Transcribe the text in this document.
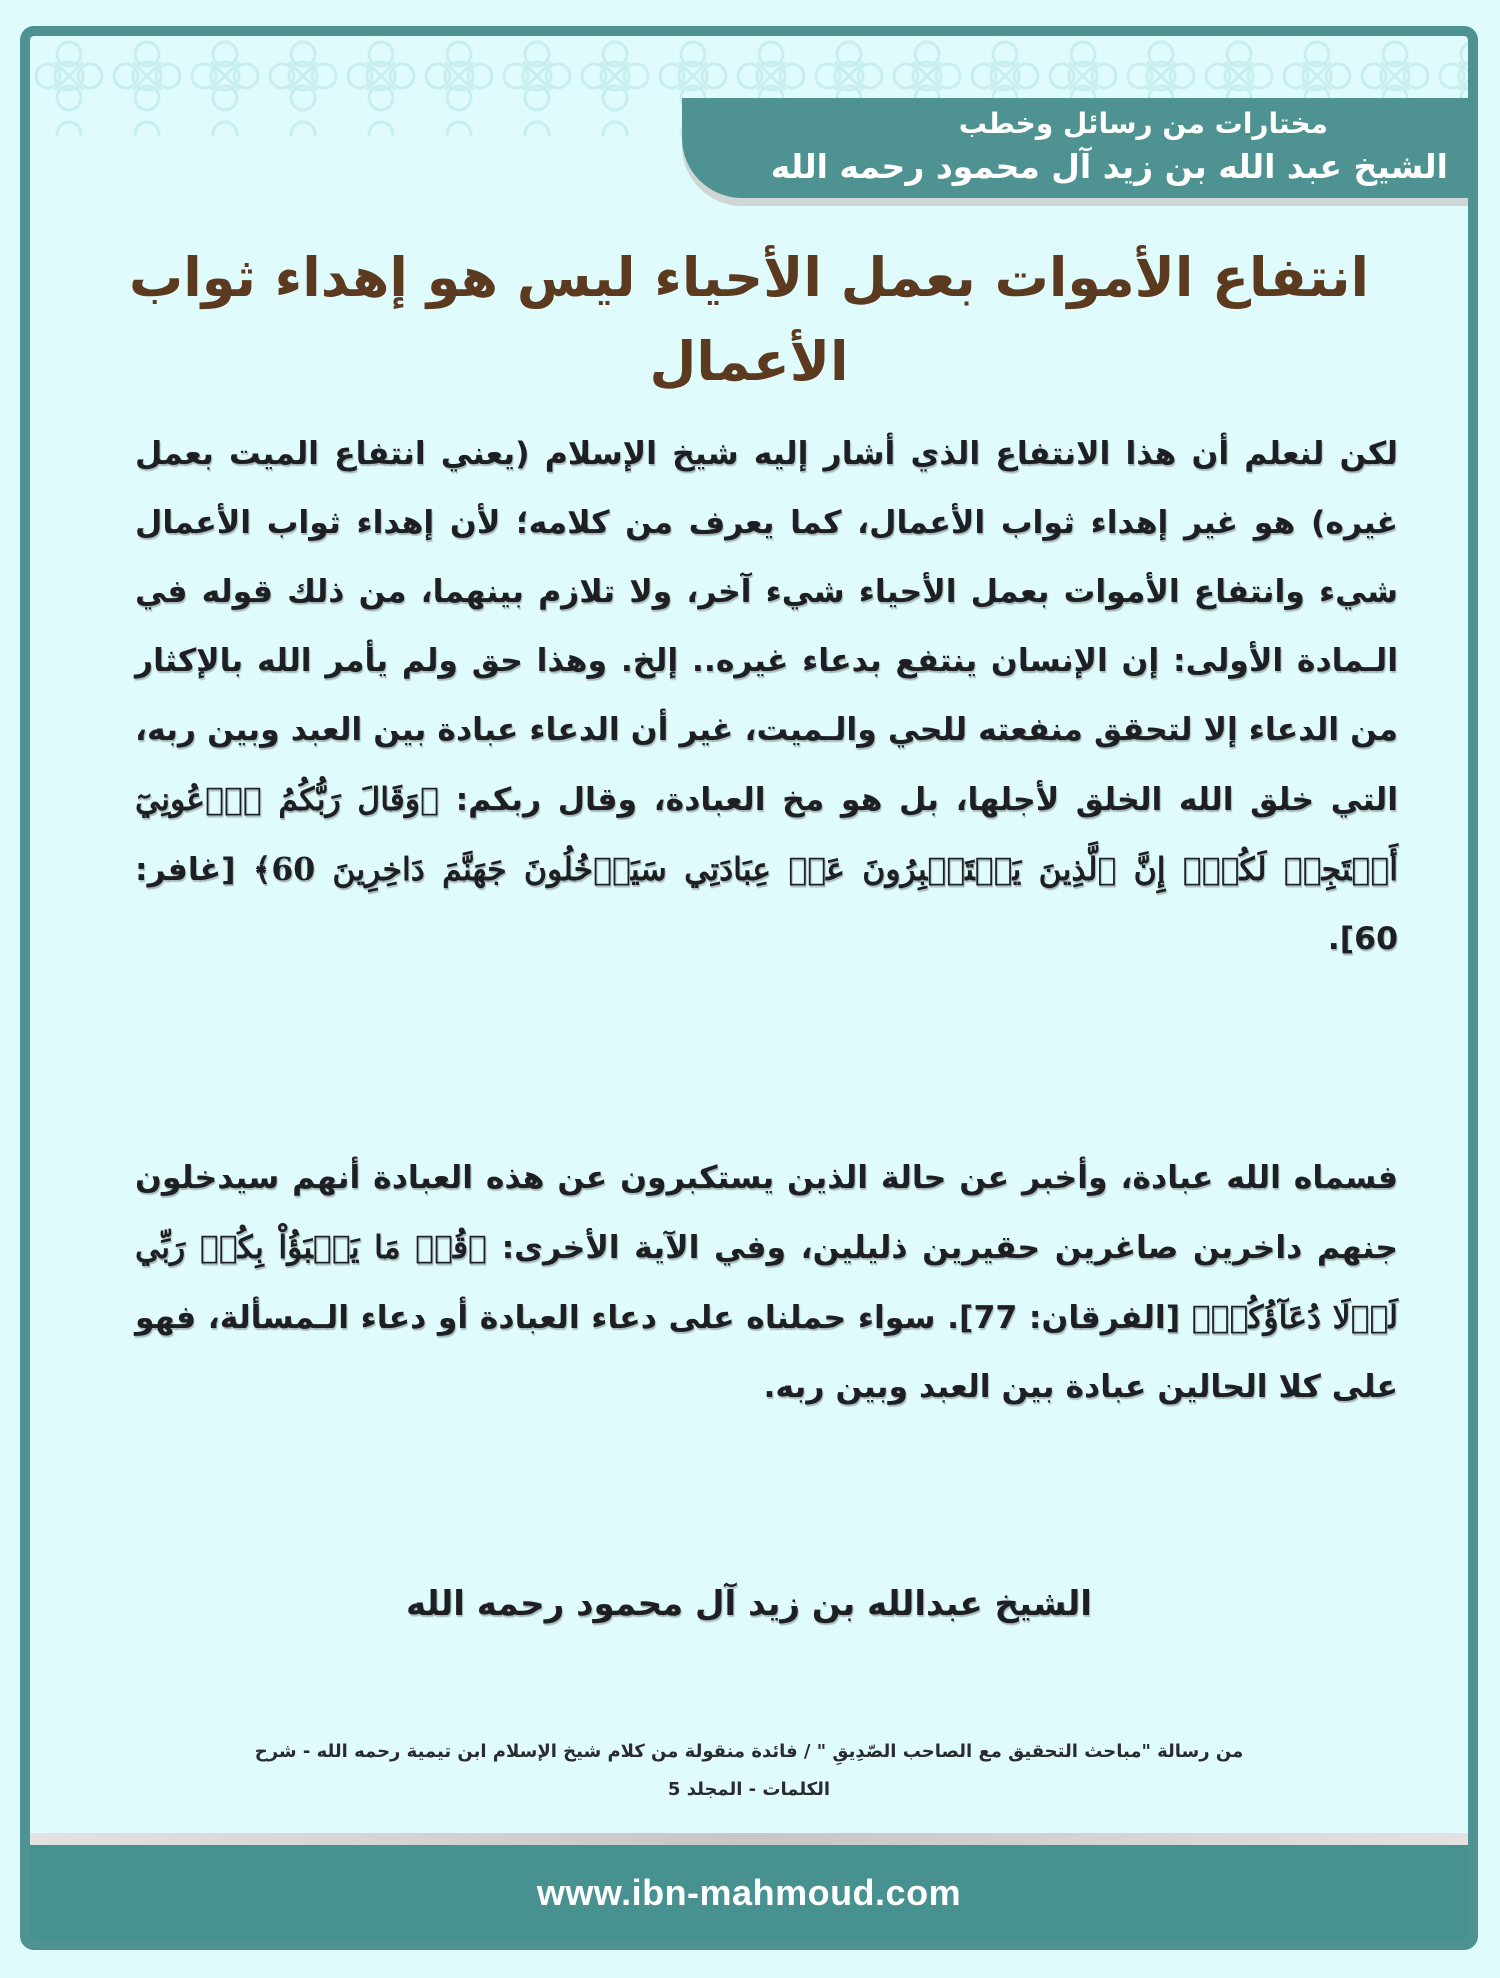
مختارات من رسائل وخطب
الشيخ عبد الله بن زيد آل محمود رحمه الله
انتفاع الأموات بعمل الأحياء ليس هو إهداء ثواب الأعمال
لكن لنعلم أن هذا الانتفاع الذي أشار إليه شيخ الإسلام (يعني انتفاع الميت بعمل غيره) هو غير إهداء ثواب الأعمال، كما يعرف من كلامه؛ لأن إهداء ثواب الأعمال شيء وانتفاع الأموات بعمل الأحياء شيء آخر، ولا تلازم بينهما، من ذلك قوله في الـمادة الأولى: إن الإنسان ينتفع بدعاء غيره.. إلخ. وهذا حق ولم يأمر الله بالإكثار من الدعاء إلا لتحقق منفعته للحي والـميت، غير أن الدعاء عبادة بين العبد وبين ربه، التي خلق الله الخلق لأجلها، بل هو مخ العبادة، وقال ربكم: ﴿وَقَالَ رَبُّكُمُ ٱدۡعُونِيٓ أَسۡتَجِبۡ لَكُمۡۚ إِنَّ ٱلَّذِينَ يَسۡتَكۡبِرُونَ عَنۡ عِبَادَتِي سَيَدۡخُلُونَ جَهَنَّمَ دَاخِرِينَ 60﴾ [غافر: 60].
فسماه الله عبادة، وأخبر عن حالة الذين يستكبرون عن هذه العبادة أنهم سيدخلون جنهم داخرين صاغرين حقيرين ذليلين، وفي الآية الأخرى: ﴿قُلۡ مَا يَعۡبَؤُاْ بِكُمۡ رَبِّي لَوۡلَا دُعَآؤُكُمۡ﴾ [الفرقان: 77]. سواء حملناه على دعاء العبادة أو دعاء الـمسألة، فهو على كلا الحالين عبادة بين العبد وبين ربه.
الشيخ عبدالله بن زيد آل محمود رحمه الله
من رسالة "مباحث التحقيق مع الصاحب الصّدِيقِ " / فائدة منقولة من كلام شيخ الإسلام ابن تيمية رحمه الله - شرح
الكلمات - المجلد 5
www.ibn-mahmoud.com
